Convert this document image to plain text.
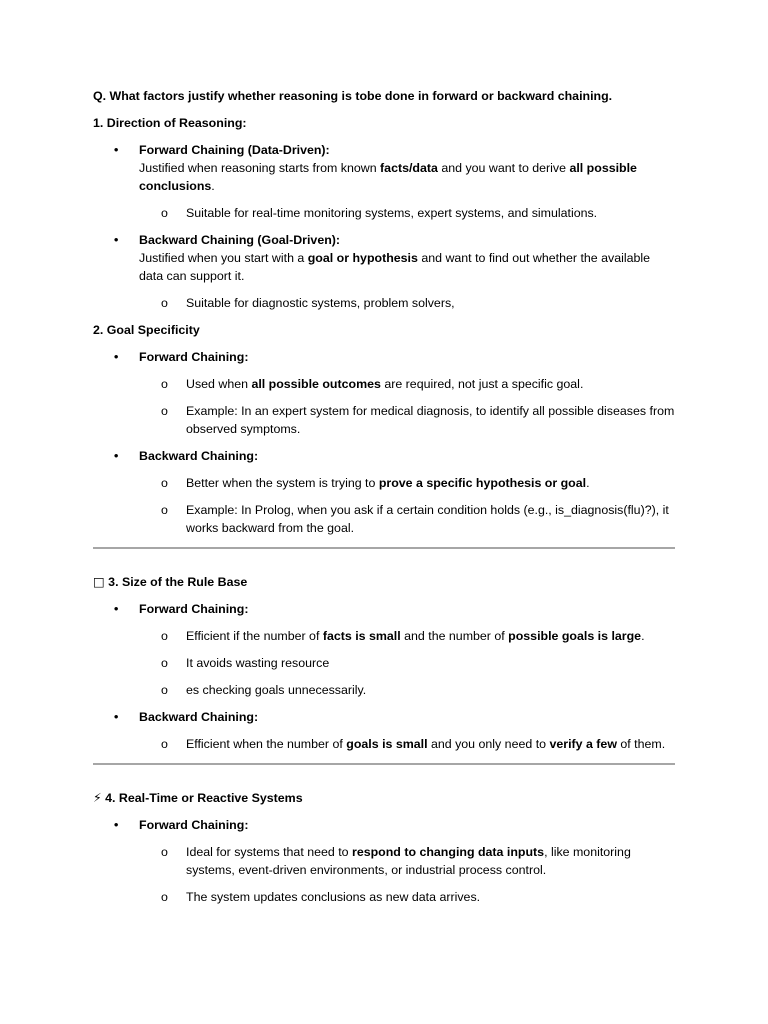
Q. What factors justify whether reasoning is tobe done in forward or backward chaining.

1. Direction of Reasoning:

• Forward Chaining (Data-Driven):
Justified when reasoning starts from known facts/data and you want to derive all possible conclusions.
o Suitable for real-time monitoring systems, expert systems, and simulations.
• Backward Chaining (Goal-Driven):
Justified when you start with a goal or hypothesis and want to find out whether the available data can support it.
o Suitable for diagnostic systems, problem solvers,

2. Goal Specificity

• Forward Chaining:
o Used when all possible outcomes are required, not just a specific goal.
o Example: In an expert system for medical diagnosis, to identify all possible diseases from observed symptoms.
• Backward Chaining:
o Better when the system is trying to prove a specific hypothesis or goal.
o Example: In Prolog, when you ask if a certain condition holds (e.g., is_diagnosis(flu)?), it works backward from the goal.

□ 3. Size of the Rule Base

• Forward Chaining:
o Efficient if the number of facts is small and the number of possible goals is large.
o It avoids wasting resource
o es checking goals unnecessarily.
• Backward Chaining:
o Efficient when the number of goals is small and you only need to verify a few of them.

⚡ 4. Real-Time or Reactive Systems

• Forward Chaining:
o Ideal for systems that need to respond to changing data inputs, like monitoring systems, event-driven environments, or industrial process control.
o The system updates conclusions as new data arrives.
